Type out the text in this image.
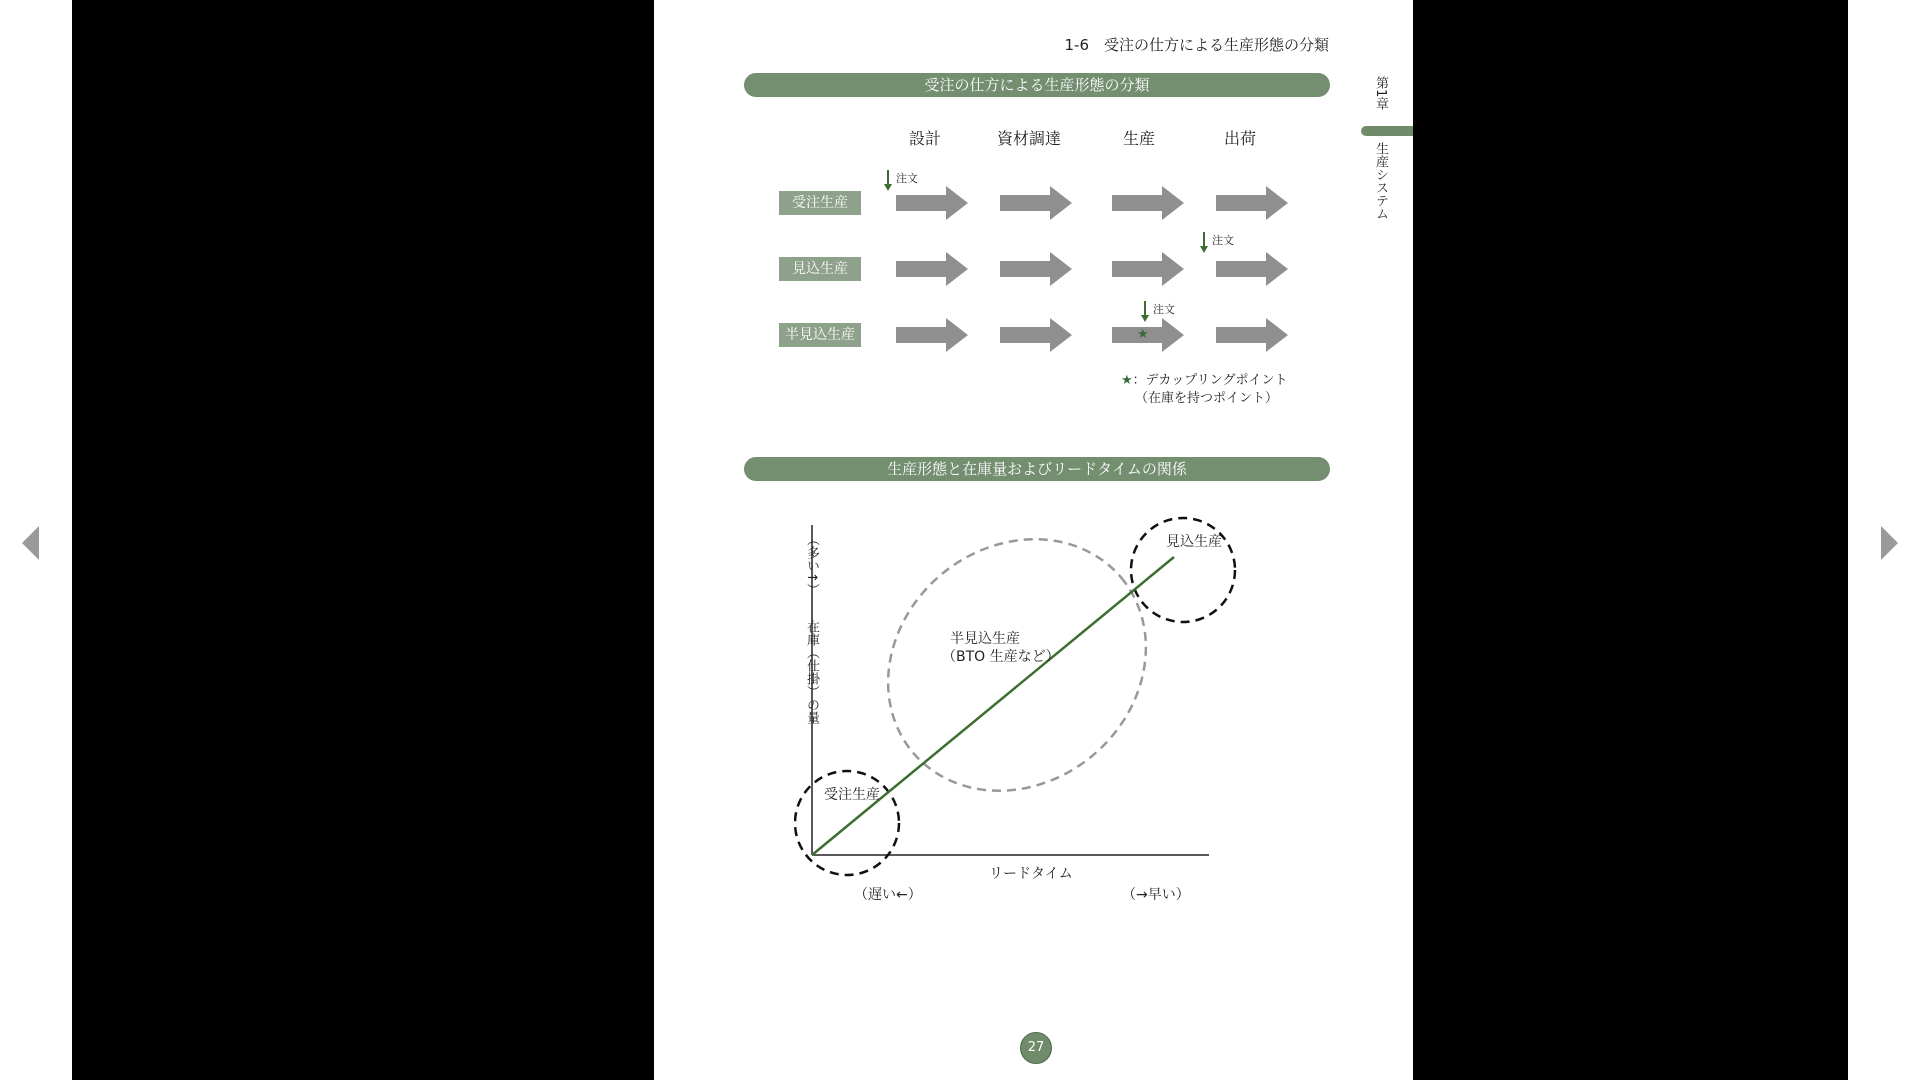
1-6　受注の仕方による生産形態の分類
第1章
生産システム
受注の仕方による生産形態の分類
設計	資材調達	生産	出荷
受注生産
見込生産
半見込生産	★
注文
注文
注文
★：デカップリングポイント
（在庫を持つポイント）
生産形態と在庫量およびリードタイムの関係
（多い↑）
在庫（仕掛）の量
受注生産
半見込生産
（BTO 生産など）
見込生産
リードタイム
（遅い←）	（→早い）
27
